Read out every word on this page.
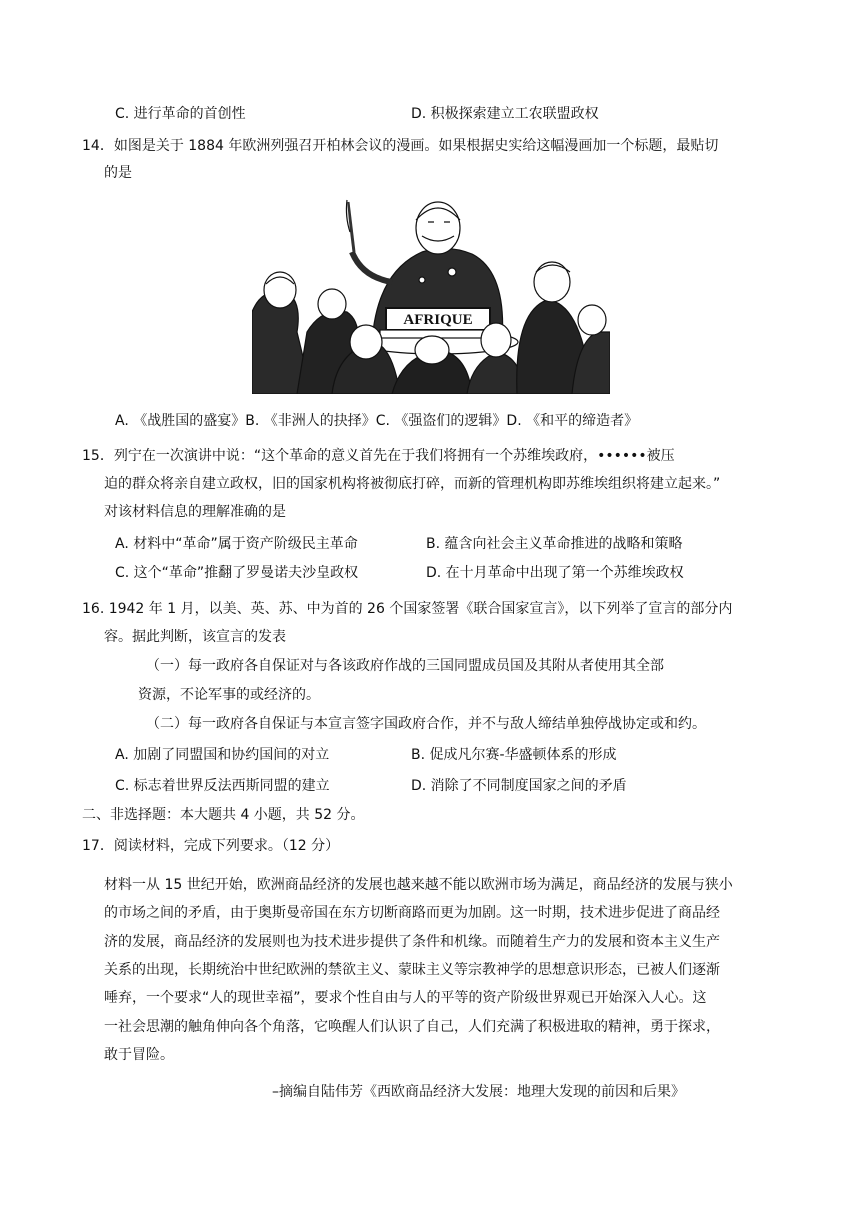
C. 进行革命的首创性	D. 积极探索建立工农联盟政权
14．如图是关于 1884 年欧洲列强召开柏林会议的漫画。如果根据史实给这幅漫画加一个标题，最贴切
的是
AFRIQUE
A. 《战胜国的盛宴》B. 《非洲人的抉择》C. 《强盗们的逻辑》D. 《和平的缔造者》
15．列宁在一次演讲中说：“这个革命的意义首先在于我们将拥有一个苏维埃政府，••••••被压
迫的群众将亲自建立政权，旧的国家机构将被彻底打碎，而新的管理机构即苏维埃组织将建立起来。”
对该材料信息的理解准确的是
A. 材料中“革命”属于资产阶级民主革命	B. 蕴含向社会主义革命推进的战略和策略
C. 这个“革命”推翻了罗曼诺夫沙皇政权	D. 在十月革命中出现了第一个苏维埃政权
16. 1942 年 1 月，以美、英、苏、中为首的 26 个国家签署《联合国家宣言》，以下列举了宣言的部分内
容。据此判断，该宣言的发表
（一）每一政府各自保证对与各该政府作战的三国同盟成员国及其附从者使用其全部
资源，不论军事的或经济的。
（二）每一政府各自保证与本宣言签字国政府合作，并不与敌人缔结单独停战协定或和约。
A. 加剧了同盟国和协约国间的对立	B. 促成凡尔赛-华盛顿体系的形成
C. 标志着世界反法西斯同盟的建立	D. 消除了不同制度国家之间的矛盾
二、非选择题：本大题共 4 小题，共 52 分。
17．阅读材料，完成下列要求。（12 分）
材料一从 15 世纪开始，欧洲商品经济的发展也越来越不能以欧洲市场为满足，商品经济的发展与狭小
的市场之间的矛盾，由于奥斯曼帝国在东方切断商路而更为加剧。这一时期，技术进步促进了商品经
济的发展，商品经济的发展则也为技术进步提供了条件和机缘。而随着生产力的发展和资本主义生产
关系的出现，长期统治中世纪欧洲的禁欲主义、蒙昧主义等宗教神学的思想意识形态，已被人们逐渐
唾弃，一个要求“人的现世幸福”，要求个性自由与人的平等的资产阶级世界观已开始深入人心。这
一社会思潮的触角伸向各个角落，它唤醒人们认识了自己，人们充满了积极进取的精神，勇于探求，
敢于冒险。
–摘编自陆伟芳《西欧商品经济大发展：地理大发现的前因和后果》
